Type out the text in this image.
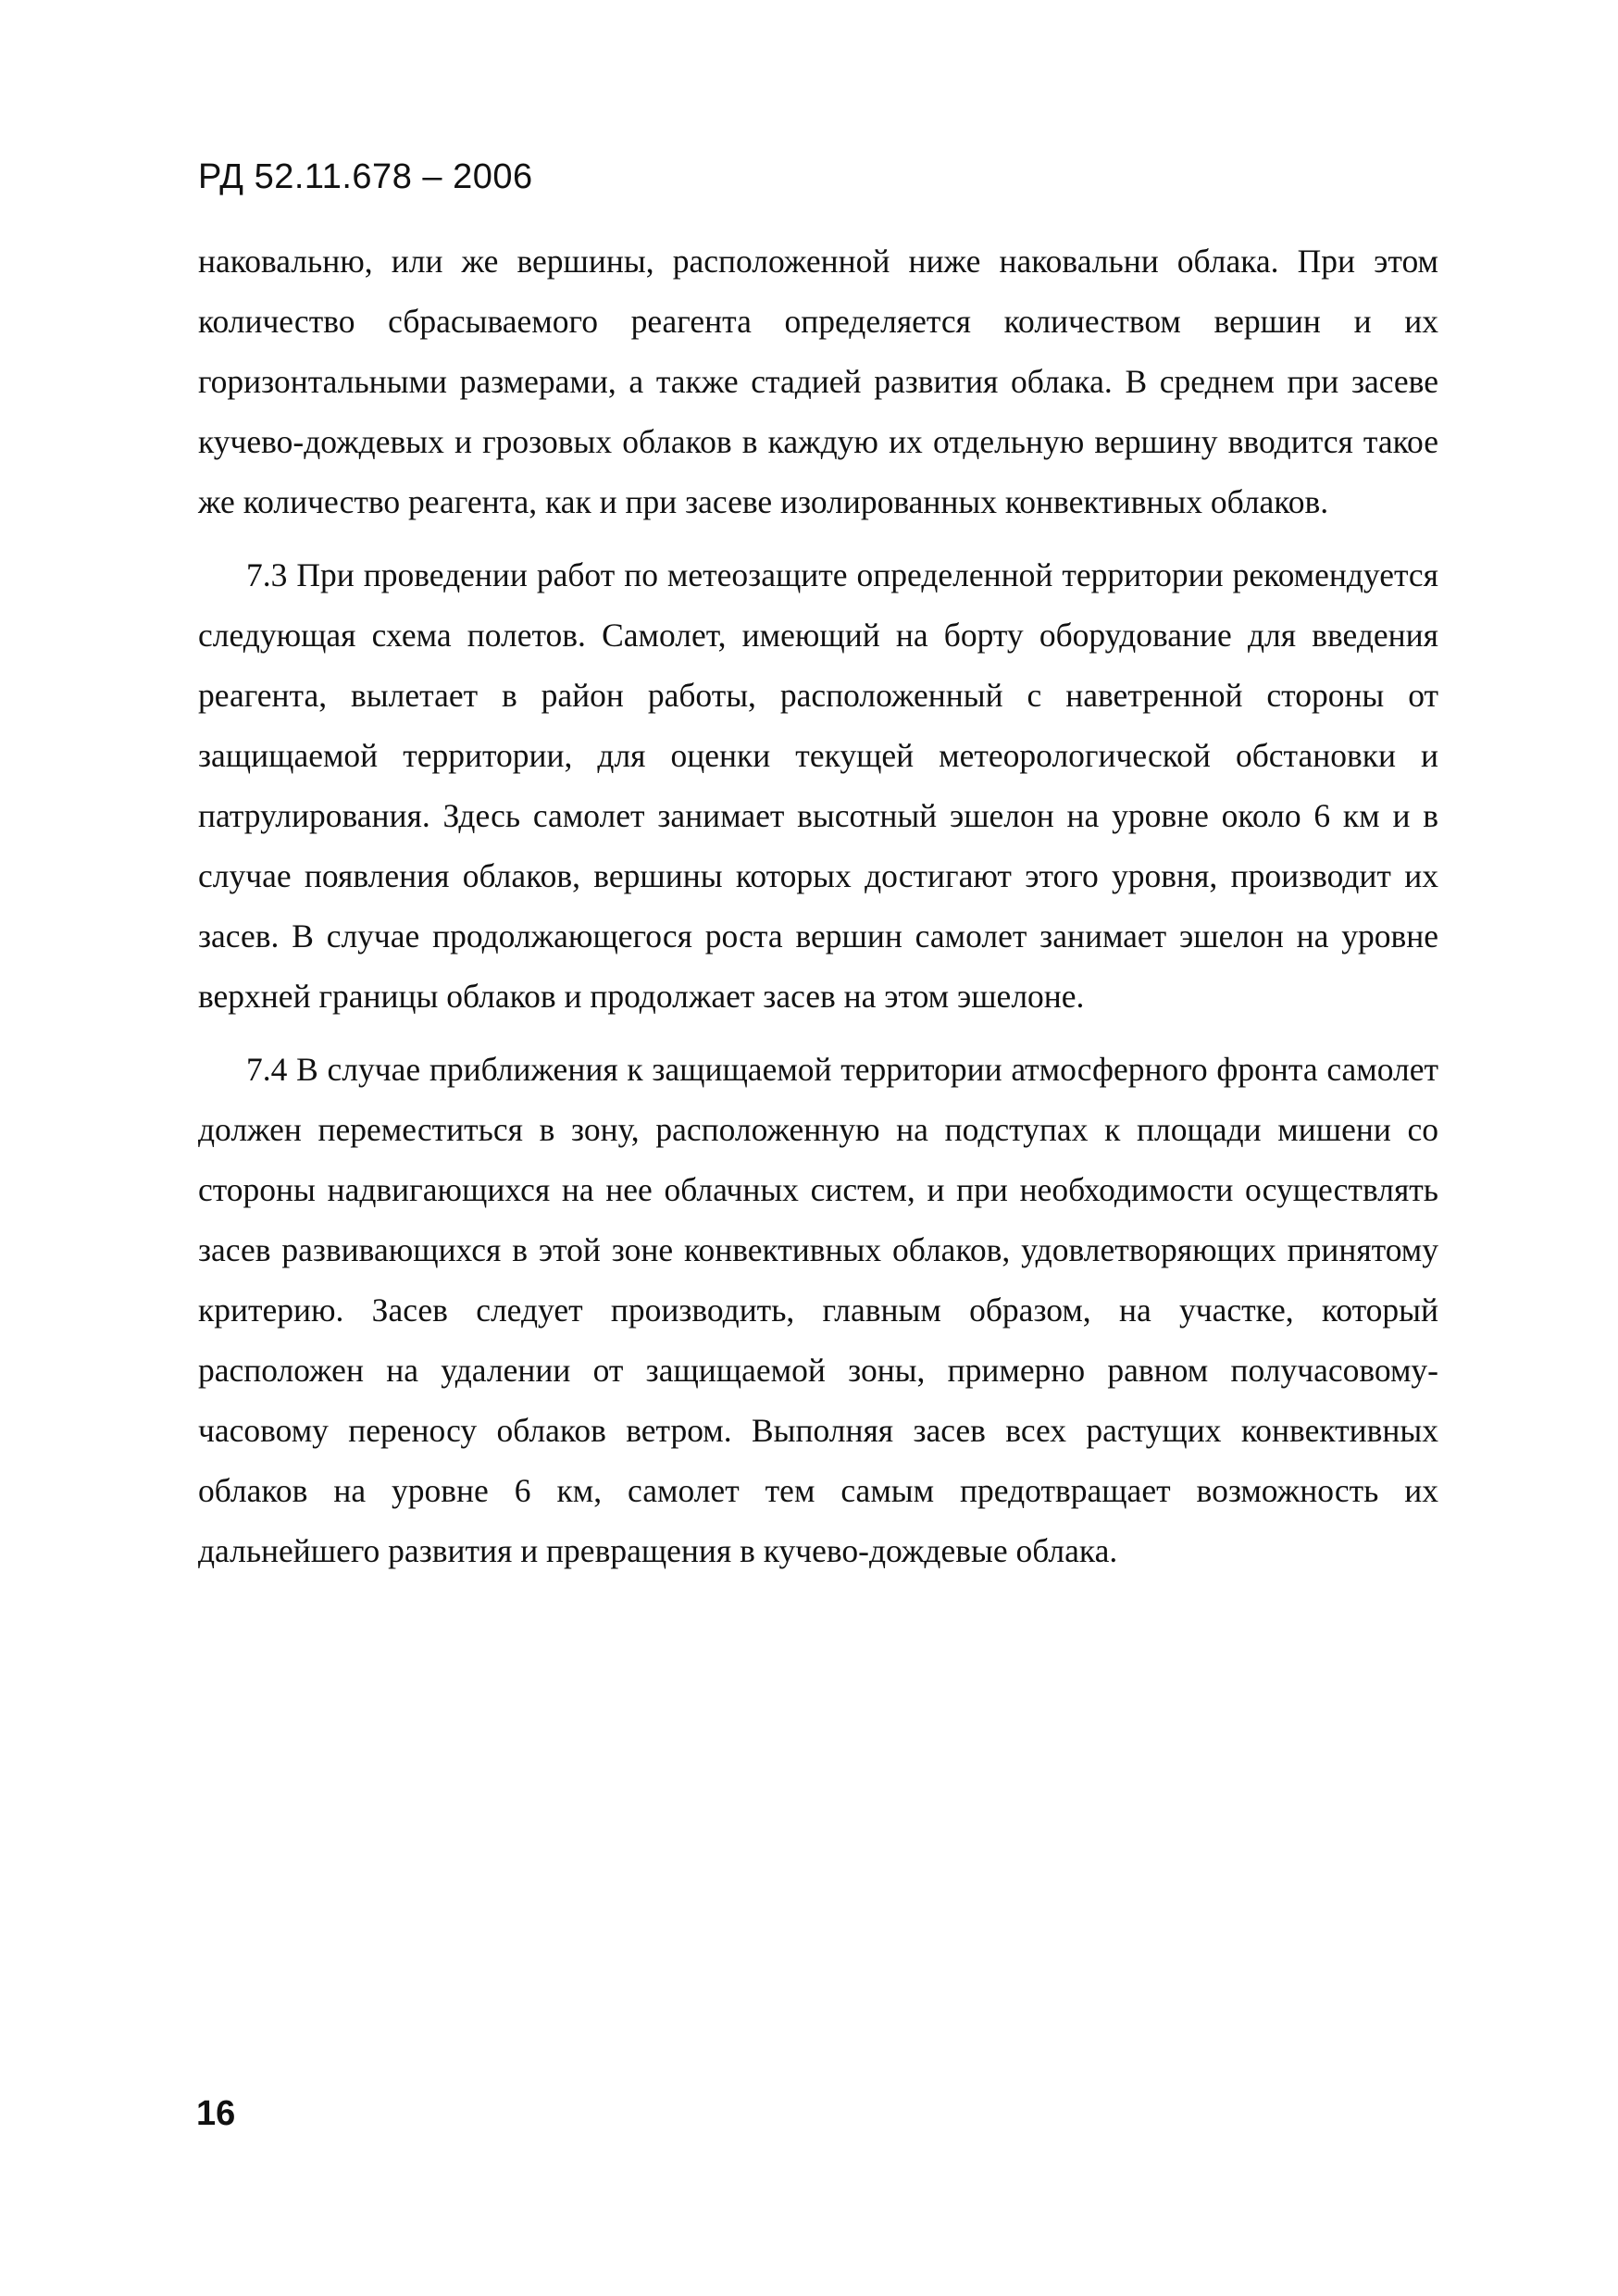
РД 52.11.678 – 2006

наковальню, или же вершины, расположенной ниже наковальни облака. При этом количество сбрасываемого реагента определяется количеством вершин и их горизонтальными размерами, а также стадией развития облака. В среднем при засеве кучево-дождевых и грозовых облаков в каждую их отдельную вершину вводится такое же количество реагента, как и при засеве изолированных конвективных облаков.

7.3 При проведении работ по метеозащите определенной территории рекомендуется следующая схема полетов. Самолет, имеющий на борту оборудование для введения реагента, вылетает в район работы, расположенный с наветренной стороны от защищаемой территории, для оценки текущей метеорологической обстановки и патрулирования. Здесь самолет занимает высотный эшелон на уровне около 6 км и в случае появления облаков, вершины которых достигают этого уровня, производит их засев. В случае продолжающегося роста вершин самолет занимает эшелон на уровне верхней границы облаков и продолжает засев на этом эшелоне.

7.4 В случае приближения к защищаемой территории атмосферного фронта самолет должен переместиться в зону, расположенную на подступах к площади мишени со стороны надвигающихся на нее облачных систем, и при необходимости осуществлять засев развивающихся в этой зоне конвективных облаков, удовлетворяющих принятому критерию. Засев следует производить, главным образом, на участке, который расположен на удалении от защищаемой зоны, примерно равном получасовому-часовому переносу облаков ветром. Выполняя засев всех растущих конвективных облаков на уровне 6 км, самолет тем самым предотвращает возможность их дальнейшего развития и превращения в кучево-дождевые облака.

16
